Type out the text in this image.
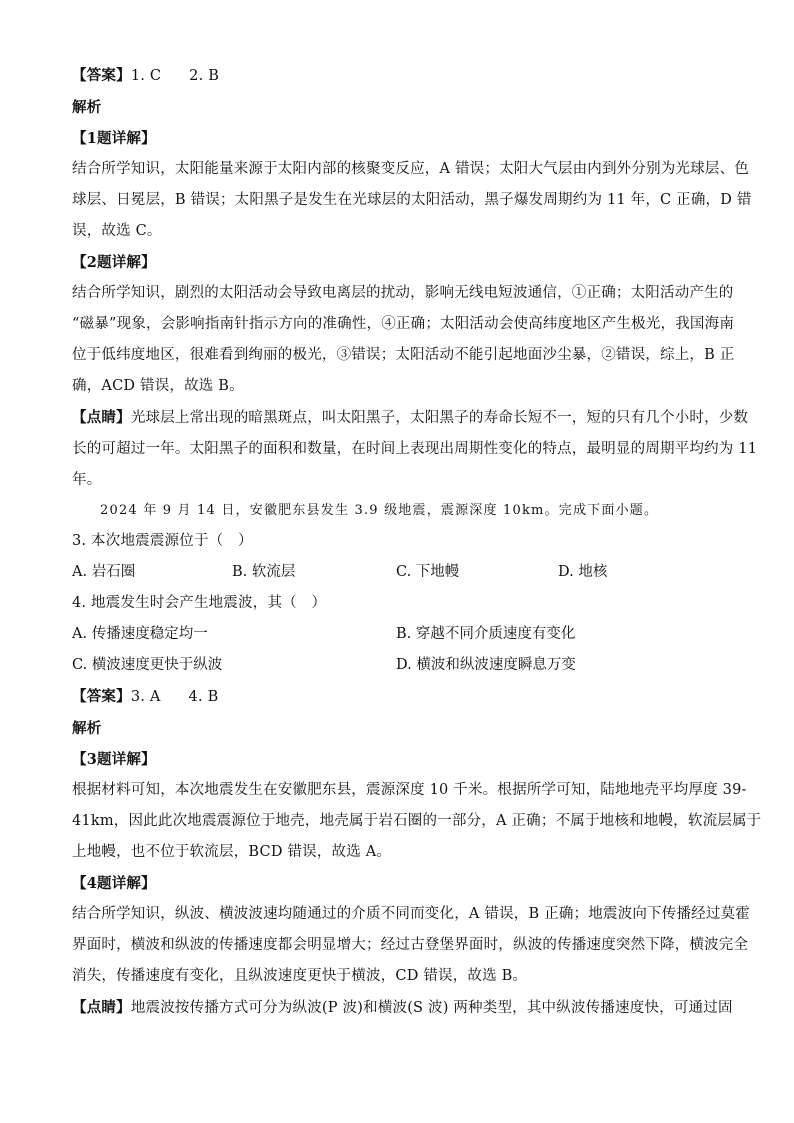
【答案】1. C 2. B
解析
【1题详解】
结合所学知识，太阳能量来源于太阳内部的核聚变反应，A 错误；太阳大气层由内到外分别为光球层、色
球层、日冕层，B 错误；太阳黑子是发生在光球层的太阳活动，黑子爆发周期约为 11 年，C 正确，D 错
误，故选 C。
【2题详解】
结合所学知识，剧烈的太阳活动会导致电离层的扰动，影响无线电短波通信，①正确；太阳活动产生的
“磁暴”现象，会影响指南针指示方向的准确性，④正确；太阳活动会使高纬度地区产生极光，我国海南
位于低纬度地区，很难看到绚丽的极光，③错误；太阳活动不能引起地面沙尘暴，②错误，综上，B 正
确，ACD 错误，故选 B。
【点睛】光球层上常出现的暗黑斑点，叫太阳黑子，太阳黑子的寿命长短不一，短的只有几个小时，少数
长的可超过一年。太阳黑子的面积和数量，在时间上表现出周期性变化的特点，最明显的周期平均约为 11
年。
2024 年 9 月 14 日，安徽肥东县发生 3.9 级地震，震源深度 10km。完成下面小题。
3. 本次地震震源位于（　）
A. 岩石圈	B. 软流层	C. 下地幔	D. 地核
4. 地震发生时会产生地震波，其（　）
A. 传播速度稳定均一	B. 穿越不同介质速度有变化
C. 横波速度更快于纵波	D. 横波和纵波速度瞬息万变
【答案】3. A 4. B
解析
【3题详解】
根据材料可知，本次地震发生在安徽肥东县，震源深度 10 千米。根据所学可知，陆地地壳平均厚度 39-
41km，因此此次地震震源位于地壳，地壳属于岩石圈的一部分，A 正确；不属于地核和地幔，软流层属于
上地幔，也不位于软流层，BCD 错误，故选 A。
【4题详解】
结合所学知识，纵波、横波波速均随通过的介质不同而变化，A 错误，B 正确；地震波向下传播经过莫霍
界面时，横波和纵波的传播速度都会明显增大；经过古登堡界面时，纵波的传播速度突然下降，横波完全
消失，传播速度有变化，且纵波速度更快于横波，CD 错误，故选 B。
【点睛】地震波按传播方式可分为纵波(P 波)和横波(S 波) 两种类型，其中纵波传播速度快，可通过固
